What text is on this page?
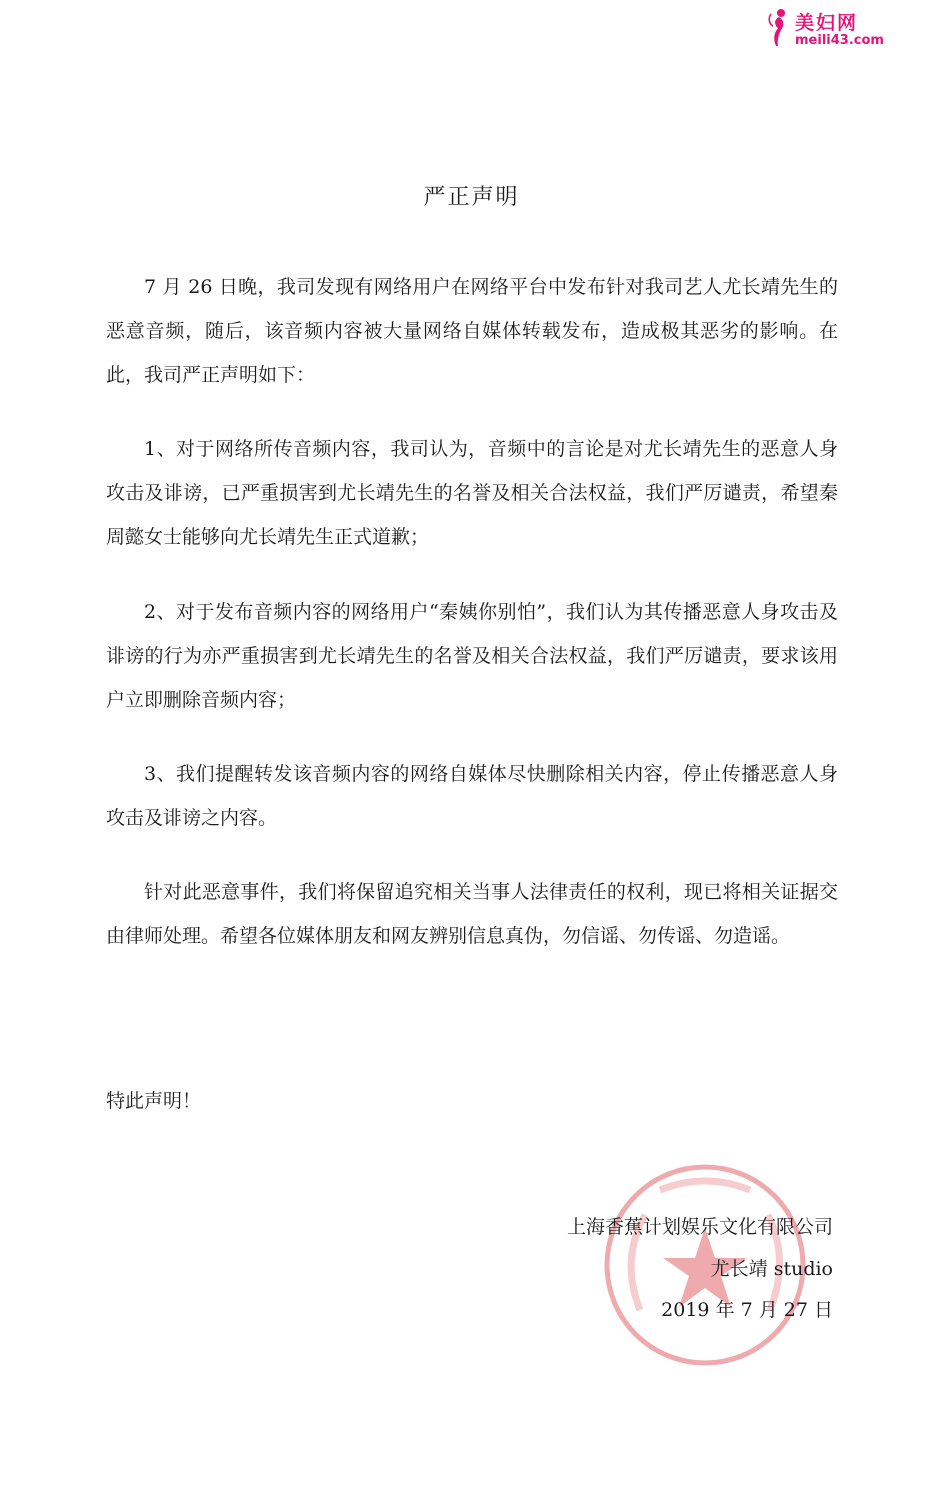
美妇网
meili43.com
严正声明

7 月 26 日晚，我司发现有网络用户在网络平台中发布针对我司艺人尤长靖先生的恶意音频，随后，该音频内容被大量网络自媒体转载发布，造成极其恶劣的影响。在此，我司严正声明如下：

1、对于网络所传音频内容，我司认为，音频中的言论是对尤长靖先生的恶意人身攻击及诽谤，已严重损害到尤长靖先生的名誉及相关合法权益，我们严厉谴责，希望秦周懿女士能够向尤长靖先生正式道歉；

2、对于发布音频内容的网络用户“秦姨你别怕”，我们认为其传播恶意人身攻击及诽谤的行为亦严重损害到尤长靖先生的名誉及相关合法权益，我们严厉谴责，要求该用户立即删除音频内容；

3、我们提醒转发该音频内容的网络自媒体尽快删除相关内容，停止传播恶意人身攻击及诽谤之内容。

针对此恶意事件，我们将保留追究相关当事人法律责任的权利，现已将相关证据交由律师处理。希望各位媒体朋友和网友辨别信息真伪，勿信谣、勿传谣、勿造谣。

特此声明！
上海香蕉计划娱乐文化有限公司
尤长靖 studio
2019 年 7 月 27 日
